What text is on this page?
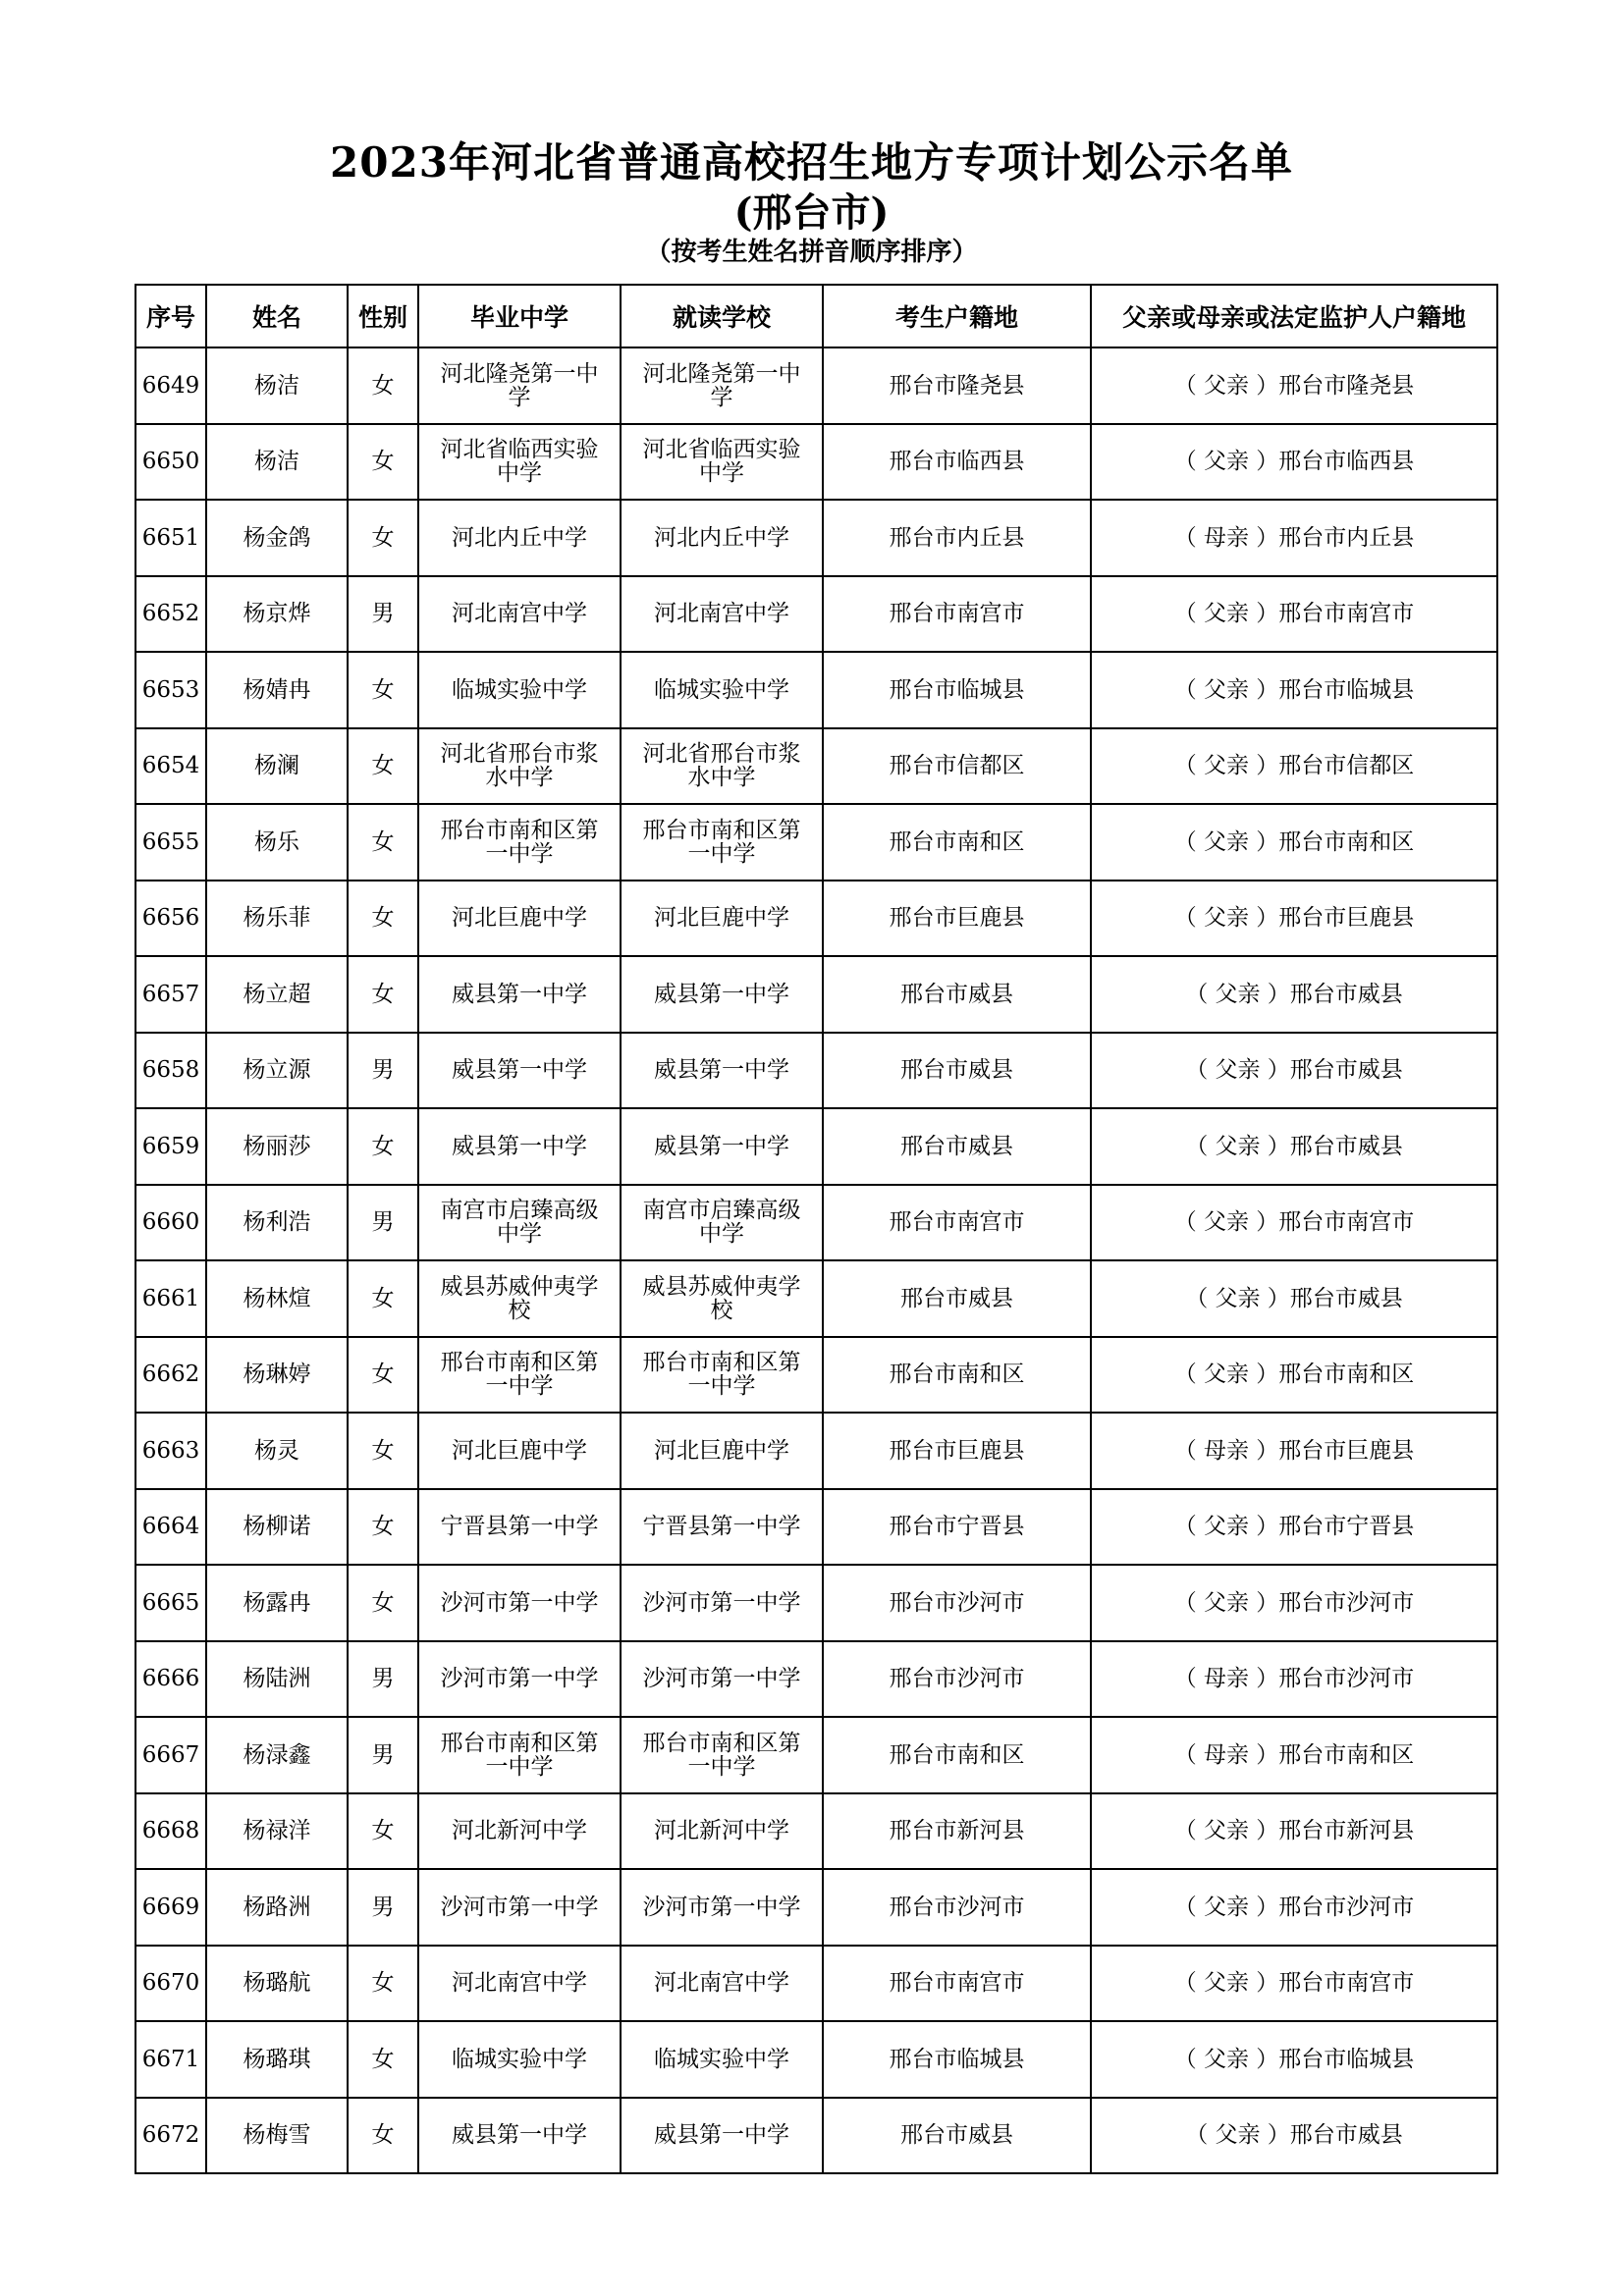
2023年河北省普通高校招生地方专项计划公示名单
(邢台市)
（按考生姓名拼音顺序排序）
序号	姓名	性别	毕业中学	就读学校	考生户籍地	父亲或母亲或法定监护人户籍地
6649	杨洁	女	河北隆尧第一中学	河北隆尧第一中学	邢台市隆尧县	（ 父亲 ）邢台市隆尧县
6650	杨洁	女	河北省临西实验中学	河北省临西实验中学	邢台市临西县	（ 父亲 ）邢台市临西县
6651	杨金鸽	女	河北内丘中学	河北内丘中学	邢台市内丘县	（ 母亲 ）邢台市内丘县
6652	杨京烨	男	河北南宫中学	河北南宫中学	邢台市南宫市	（ 父亲 ）邢台市南宫市
6653	杨婧冉	女	临城实验中学	临城实验中学	邢台市临城县	（ 父亲 ）邢台市临城县
6654	杨澜	女	河北省邢台市浆水中学	河北省邢台市浆水中学	邢台市信都区	（ 父亲 ）邢台市信都区
6655	杨乐	女	邢台市南和区第一中学	邢台市南和区第一中学	邢台市南和区	（ 父亲 ）邢台市南和区
6656	杨乐菲	女	河北巨鹿中学	河北巨鹿中学	邢台市巨鹿县	（ 父亲 ）邢台市巨鹿县
6657	杨立超	女	威县第一中学	威县第一中学	邢台市威县	（ 父亲 ）邢台市威县
6658	杨立源	男	威县第一中学	威县第一中学	邢台市威县	（ 父亲 ）邢台市威县
6659	杨丽莎	女	威县第一中学	威县第一中学	邢台市威县	（ 父亲 ）邢台市威县
6660	杨利浩	男	南宫市启臻高级中学	南宫市启臻高级中学	邢台市南宫市	（ 父亲 ）邢台市南宫市
6661	杨林煊	女	威县苏威仲夷学校	威县苏威仲夷学校	邢台市威县	（ 父亲 ）邢台市威县
6662	杨琳婷	女	邢台市南和区第一中学	邢台市南和区第一中学	邢台市南和区	（ 父亲 ）邢台市南和区
6663	杨灵	女	河北巨鹿中学	河北巨鹿中学	邢台市巨鹿县	（ 母亲 ）邢台市巨鹿县
6664	杨柳诺	女	宁晋县第一中学	宁晋县第一中学	邢台市宁晋县	（ 父亲 ）邢台市宁晋县
6665	杨露冉	女	沙河市第一中学	沙河市第一中学	邢台市沙河市	（ 父亲 ）邢台市沙河市
6666	杨陆洲	男	沙河市第一中学	沙河市第一中学	邢台市沙河市	（ 母亲 ）邢台市沙河市
6667	杨渌鑫	男	邢台市南和区第一中学	邢台市南和区第一中学	邢台市南和区	（ 母亲 ）邢台市南和区
6668	杨禄洋	女	河北新河中学	河北新河中学	邢台市新河县	（ 父亲 ）邢台市新河县
6669	杨路洲	男	沙河市第一中学	沙河市第一中学	邢台市沙河市	（ 父亲 ）邢台市沙河市
6670	杨璐航	女	河北南宫中学	河北南宫中学	邢台市南宫市	（ 父亲 ）邢台市南宫市
6671	杨璐琪	女	临城实验中学	临城实验中学	邢台市临城县	（ 父亲 ）邢台市临城县
6672	杨梅雪	女	威县第一中学	威县第一中学	邢台市威县	（ 父亲 ）邢台市威县
